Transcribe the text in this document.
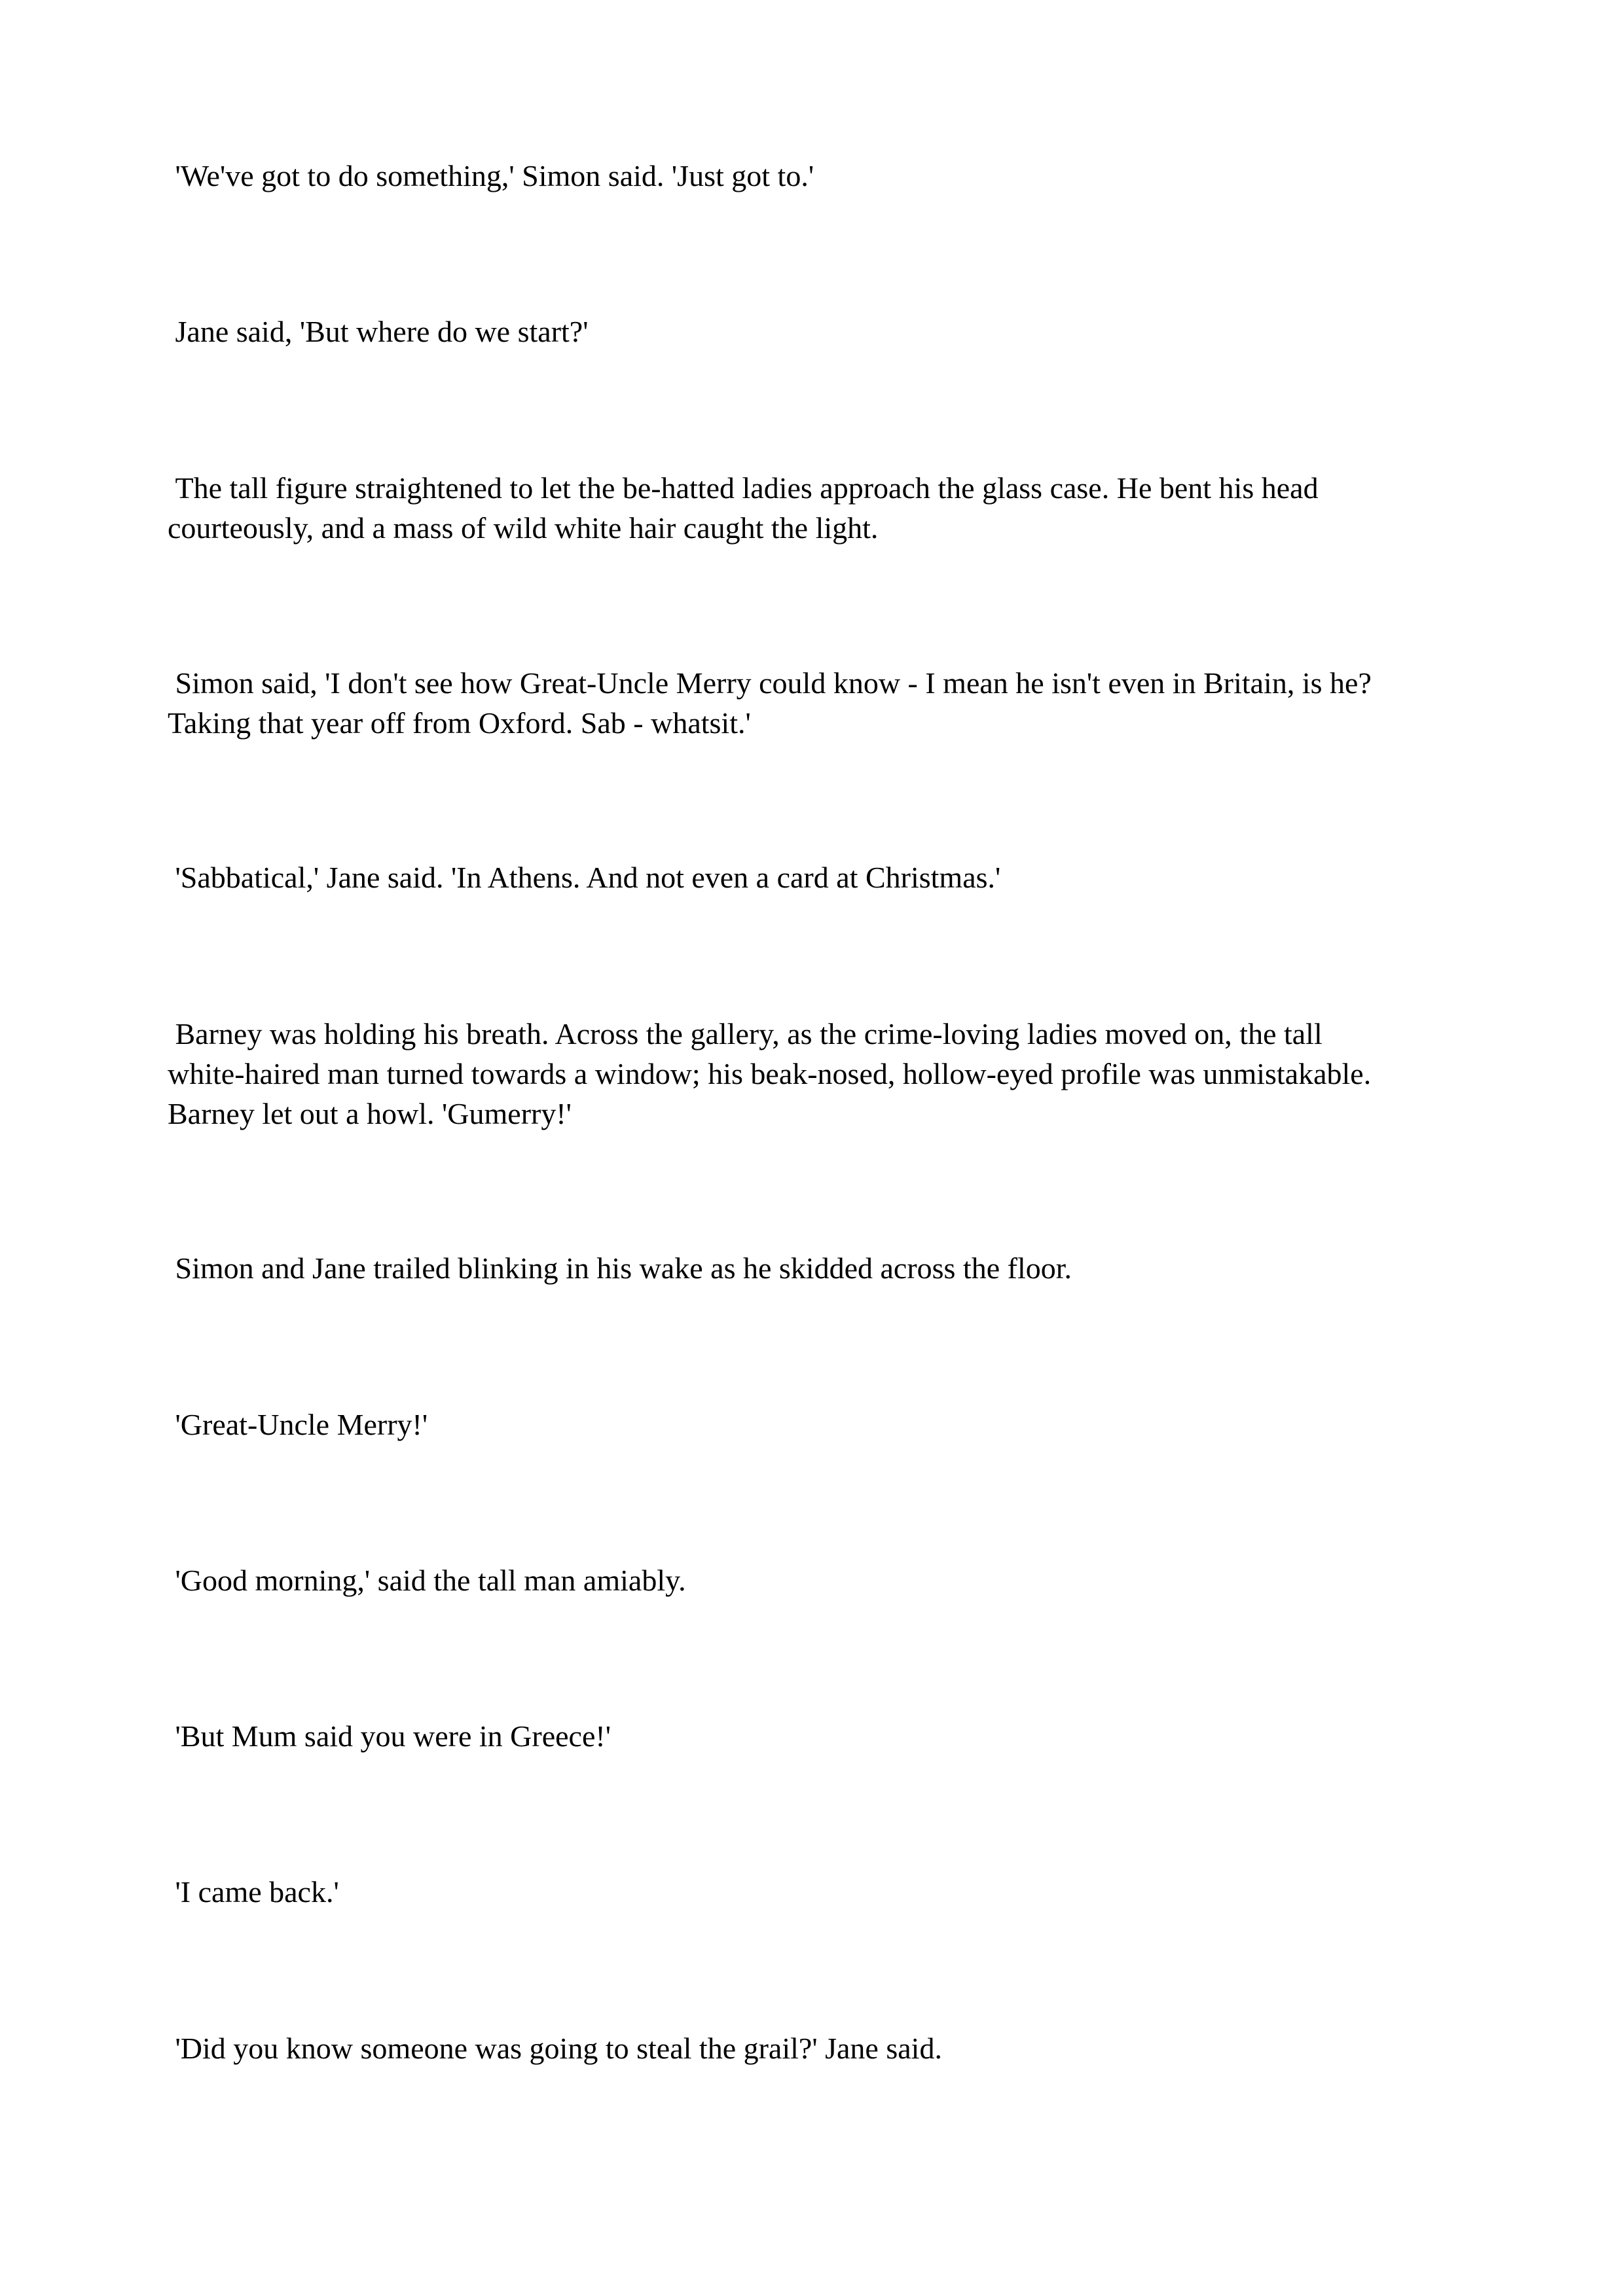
'We've got to do something,' Simon said. 'Just got to.'

Jane said, 'But where do we start?'

The tall figure straightened to let the be-hatted ladies approach the glass case. He bent his head
courteously, and a mass of wild white hair caught the light.

Simon said, 'I don't see how Great-Uncle Merry could know - I mean he isn't even in Britain, is he?
Taking that year off from Oxford. Sab - whatsit.'

'Sabbatical,' Jane said. 'In Athens. And not even a card at Christmas.'

Barney was holding his breath. Across the gallery, as the crime-loving ladies moved on, the tall
white-haired man turned towards a window; his beak-nosed, hollow-eyed profile was unmistakable.
Barney let out a howl. 'Gumerry!'

Simon and Jane trailed blinking in his wake as he skidded across the floor.

'Great-Uncle Merry!'

'Good morning,' said the tall man amiably.

'But Mum said you were in Greece!'

'I came back.'

'Did you know someone was going to steal the grail?' Jane said.
